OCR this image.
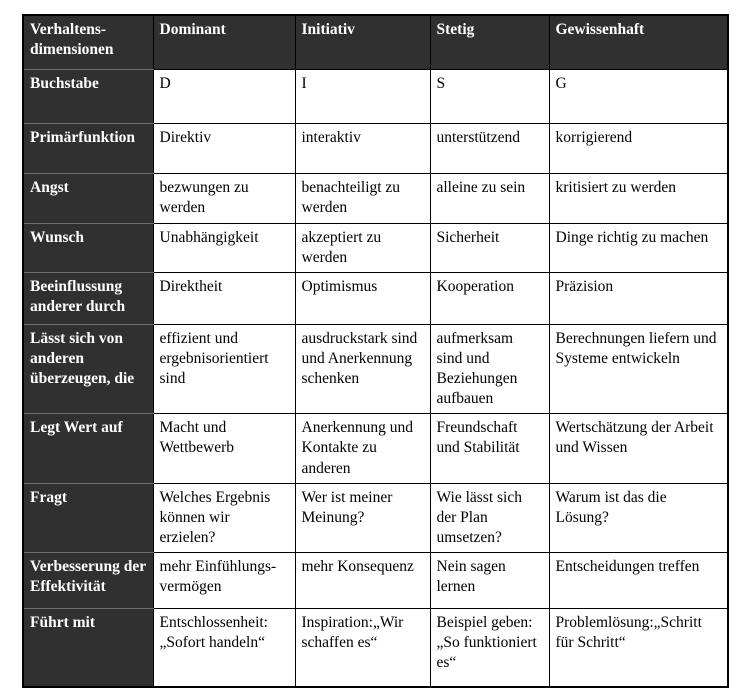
Verhaltens-dimensionen	Dominant	Initiativ	Stetig	Gewissenhaft
Buchstabe	D	I	S	G
Primärfunktion	Direktiv	interaktiv	unterstützend	korrigierend
Angst	bezwungen zu werden	benachteiligt zu werden	alleine zu sein	kritisiert zu werden
Wunsch	Unabhängigkeit	akzeptiert zu werden	Sicherheit	Dinge richtig zu machen
Beeinflussung anderer durch	Direktheit	Optimismus	Kooperation	Präzision
Lässt sich von anderen überzeugen, die	effizient und ergebnisorientiert sind	ausdruckstark sind und Anerkennung schenken	aufmerksam sind und Beziehungen aufbauen	Berechnungen liefern und Systeme entwickeln
Legt Wert auf	Macht und Wettbewerb	Anerkennung und Kontakte zu anderen	Freundschaft und Stabilität	Wertschätzung der Arbeit und Wissen
Fragt	Welches Ergebnis können wir erzielen?	Wer ist meiner Meinung?	Wie lässt sich der Plan umsetzen?	Warum ist das die Lösung?
Verbesserung der Effektivität	mehr Einfühlungs-vermögen	mehr Konsequenz	Nein sagen lernen	Entscheidungen treffen
Führt mit	Entschlossenheit: „Sofort handeln“	Inspiration:„Wir schaffen es“	Beispiel geben:„So funktioniert es“	Problemlösung:„Schritt für Schritt“
